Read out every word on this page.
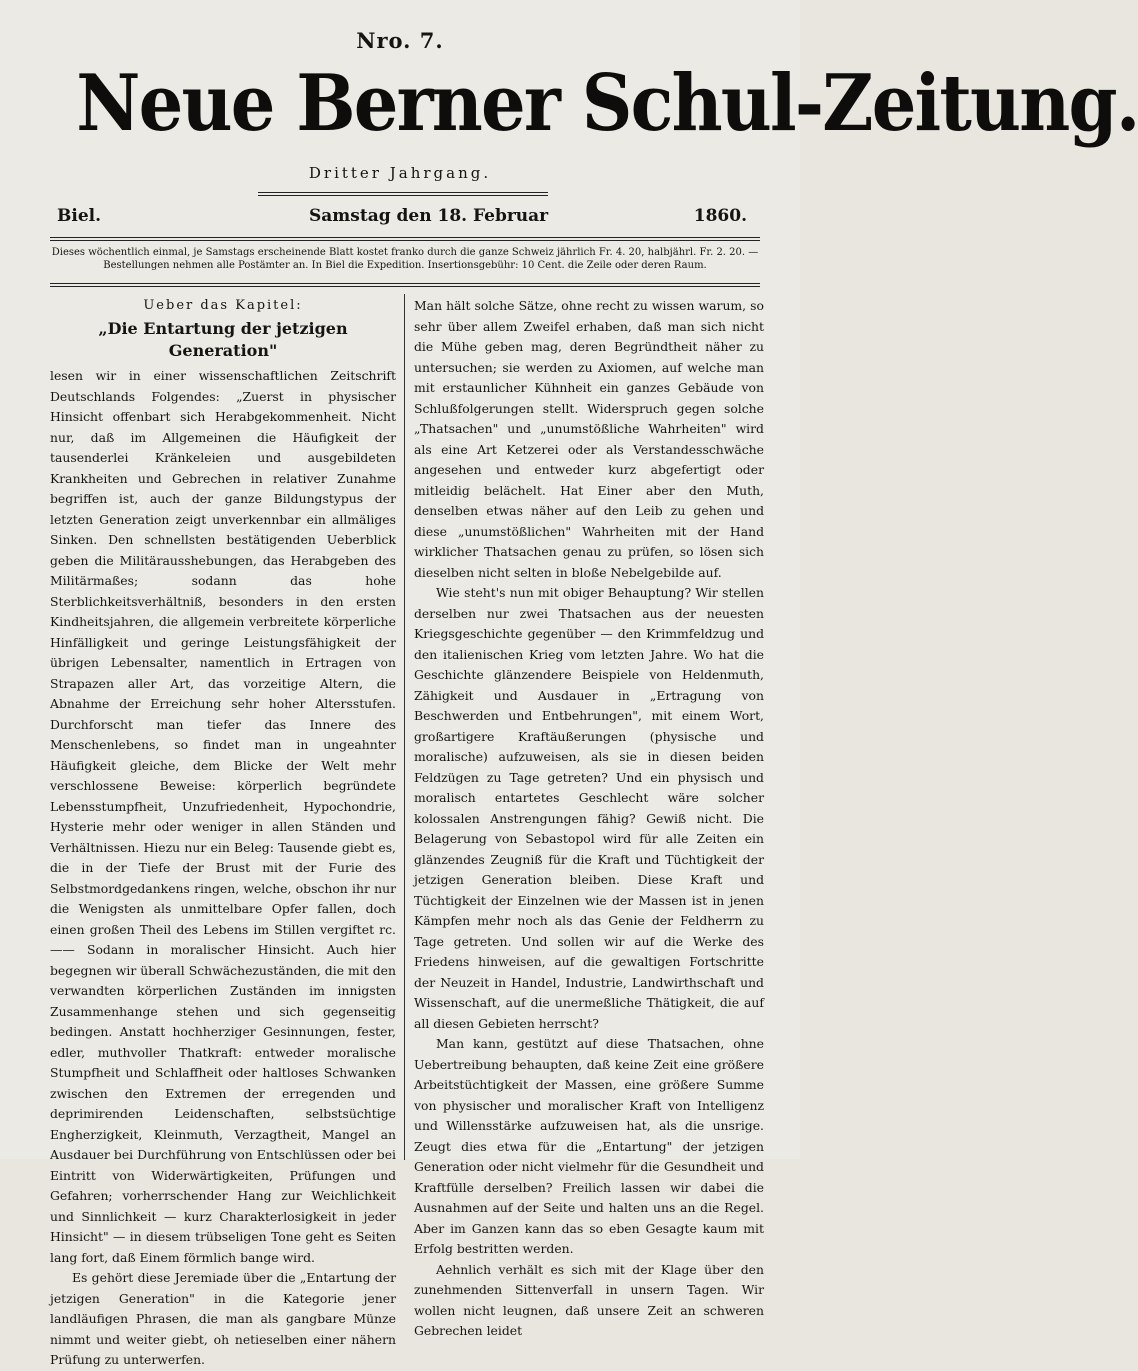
Nro. 7.
Neue Berner Schul-Zeitung.
Dritter Jahrgang.
Biel.	Samstag den 18. Februar	1860.
Dieses wöchentlich einmal, je Samstags erscheinende Blatt kostet franko durch die ganze Schweiz jährlich Fr. 4. 20, halbjährl. Fr. 2. 20. —
Bestellungen nehmen alle Postämter an. In Biel die Expedition. Insertionsgebühr: 10 Cent. die Zeile oder deren Raum.
Ueber das Kapitel:
„Die Entartung der jetzigen Generation"

lesen wir in einer wissenschaftlichen Zeitschrift Deutschlands Folgendes: „Zuerst in physischer Hinsicht offenbart sich Herabgekommenheit. Nicht nur, daß im Allgemeinen die Häufigkeit der tausenderlei Kränkeleien und ausgebildeten Krankheiten und Gebrechen in relativer Zunahme begriffen ist, auch der ganze Bildungstypus der letzten Generation zeigt unverkennbar ein allmäliges Sinken. Den schnellsten bestätigenden Ueberblick geben die Militärausshebungen, das Herabgeben des Militärmaßes; sodann das hohe Sterblichkeitsverhältniß, besonders in den ersten Kindheitsjahren, die allgemein verbreitete körperliche Hinfälligkeit und geringe Leistungsfähigkeit der übrigen Lebensalter, namentlich in Ertragen von Strapazen aller Art, das vorzeitige Altern, die Abnahme der Erreichung sehr hoher Altersstufen. Durchforscht man tiefer das Innere des Menschenlebens, so findet man in ungeahnter Häufigkeit gleiche, dem Blicke der Welt mehr verschlossene Beweise: körperlich begründete Lebensstumpfheit, Unzufriedenheit, Hypochondrie, Hysterie mehr oder weniger in allen Ständen und Verhältnissen. Hiezu nur ein Beleg: Tausende giebt es, die in der Tiefe der Brust mit der Furie des Selbstmordgedankens ringen, welche, obschon ihr nur die Wenigsten als unmittelbare Opfer fallen, doch einen großen Theil des Lebens im Stillen vergiftet rc. —— Sodann in moralischer Hinsicht. Auch hier begegnen wir überall Schwächezuständen, die mit den verwandten körperlichen Zuständen im innigsten Zusammenhange stehen und sich gegenseitig bedingen. Anstatt hochherziger Gesinnungen, fester, edler, muthvoller Thatkraft: entweder moralische Stumpfheit und Schlaffheit oder haltloses Schwanken zwischen den Extremen der erregenden und deprimirenden Leidenschaften, selbstsüchtige Engherzigkeit, Kleinmuth, Verzagtheit, Mangel an Ausdauer bei Durchführung von Entschlüssen oder bei Eintritt von Widerwärtigkeiten, Prüfungen und Gefahren; vorherrschender Hang zur Weichlichkeit und Sinnlichkeit — kurz Charakterlosigkeit in jeder Hinsicht" — in diesem trübseligen Tone geht es Seiten lang fort, daß Einem förmlich bange wird.

Es gehört diese Jeremiade über die „Entartung der jetzigen Generation" in die Kategorie jener landläufigen Phrasen, die man als gangbare Münze nimmt und weiter giebt, oh netieselben einer nähern Prüfung zu unterwerfen.

Man hält solche Sätze, ohne recht zu wissen warum, so sehr über allem Zweifel erhaben, daß man sich nicht die Mühe geben mag, deren Begründtheit näher zu untersuchen; sie werden zu Axiomen, auf welche man mit erstaunlicher Kühnheit ein ganzes Gebäude von Schlußfolgerungen stellt. Widerspruch gegen solche „Thatsachen" und „unumstößliche Wahrheiten" wird als eine Art Ketzerei oder als Verstandesschwäche angesehen und entweder kurz abgefertigt oder mitleidig belächelt. Hat Einer aber den Muth, denselben etwas näher auf den Leib zu gehen und diese „unumstößlichen" Wahrheiten mit der Hand wirklicher Thatsachen genau zu prüfen, so lösen sich dieselben nicht selten in bloße Nebelgebilde auf.

Wie steht's nun mit obiger Behauptung? Wir stellen derselben nur zwei Thatsachen aus der neuesten Kriegsgeschichte gegenüber — den Krimmfeldzug und den italienischen Krieg vom letzten Jahre. Wo hat die Geschichte glänzendere Beispiele von Heldenmuth, Zähigkeit und Ausdauer in „Ertragung von Beschwerden und Entbehrungen", mit einem Wort, großartigere Kraftäußerungen (physische und moralische) aufzuweisen, als sie in diesen beiden Feldzügen zu Tage getreten? Und ein physisch und moralisch entartetes Geschlecht wäre solcher kolossalen Anstrengungen fähig? Gewiß nicht. Die Belagerung von Sebastopol wird für alle Zeiten ein glänzendes Zeugniß für die Kraft und Tüchtigkeit der jetzigen Generation bleiben. Diese Kraft und Tüchtigkeit der Einzelnen wie der Massen ist in jenen Kämpfen mehr noch als das Genie der Feldherrn zu Tage getreten. Und sollen wir auf die Werke des Friedens hinweisen, auf die gewaltigen Fortschritte der Neuzeit in Handel, Industrie, Landwirthschaft und Wissenschaft, auf die unermeßliche Thätigkeit, die auf all diesen Gebieten herrscht?

Man kann, gestützt auf diese Thatsachen, ohne Uebertreibung behaupten, daß keine Zeit eine größere Arbeitstüchtigkeit der Massen, eine größere Summe von physischer und moralischer Kraft von Intelligenz und Willensstärke aufzuweisen hat, als die unsrige. Zeugt dies etwa für die „Entartung" der jetzigen Generation oder nicht vielmehr für die Gesundheit und Kraftfülle derselben? Freilich lassen wir dabei die Ausnahmen auf der Seite und halten uns an die Regel. Aber im Ganzen kann das so eben Gesagte kaum mit Erfolg bestritten werden.

Aehnlich verhält es sich mit der Klage über den zunehmenden Sittenverfall in unsern Tagen. Wir wollen nicht leugnen, daß unsere Zeit an schweren Gebrechen leidet
